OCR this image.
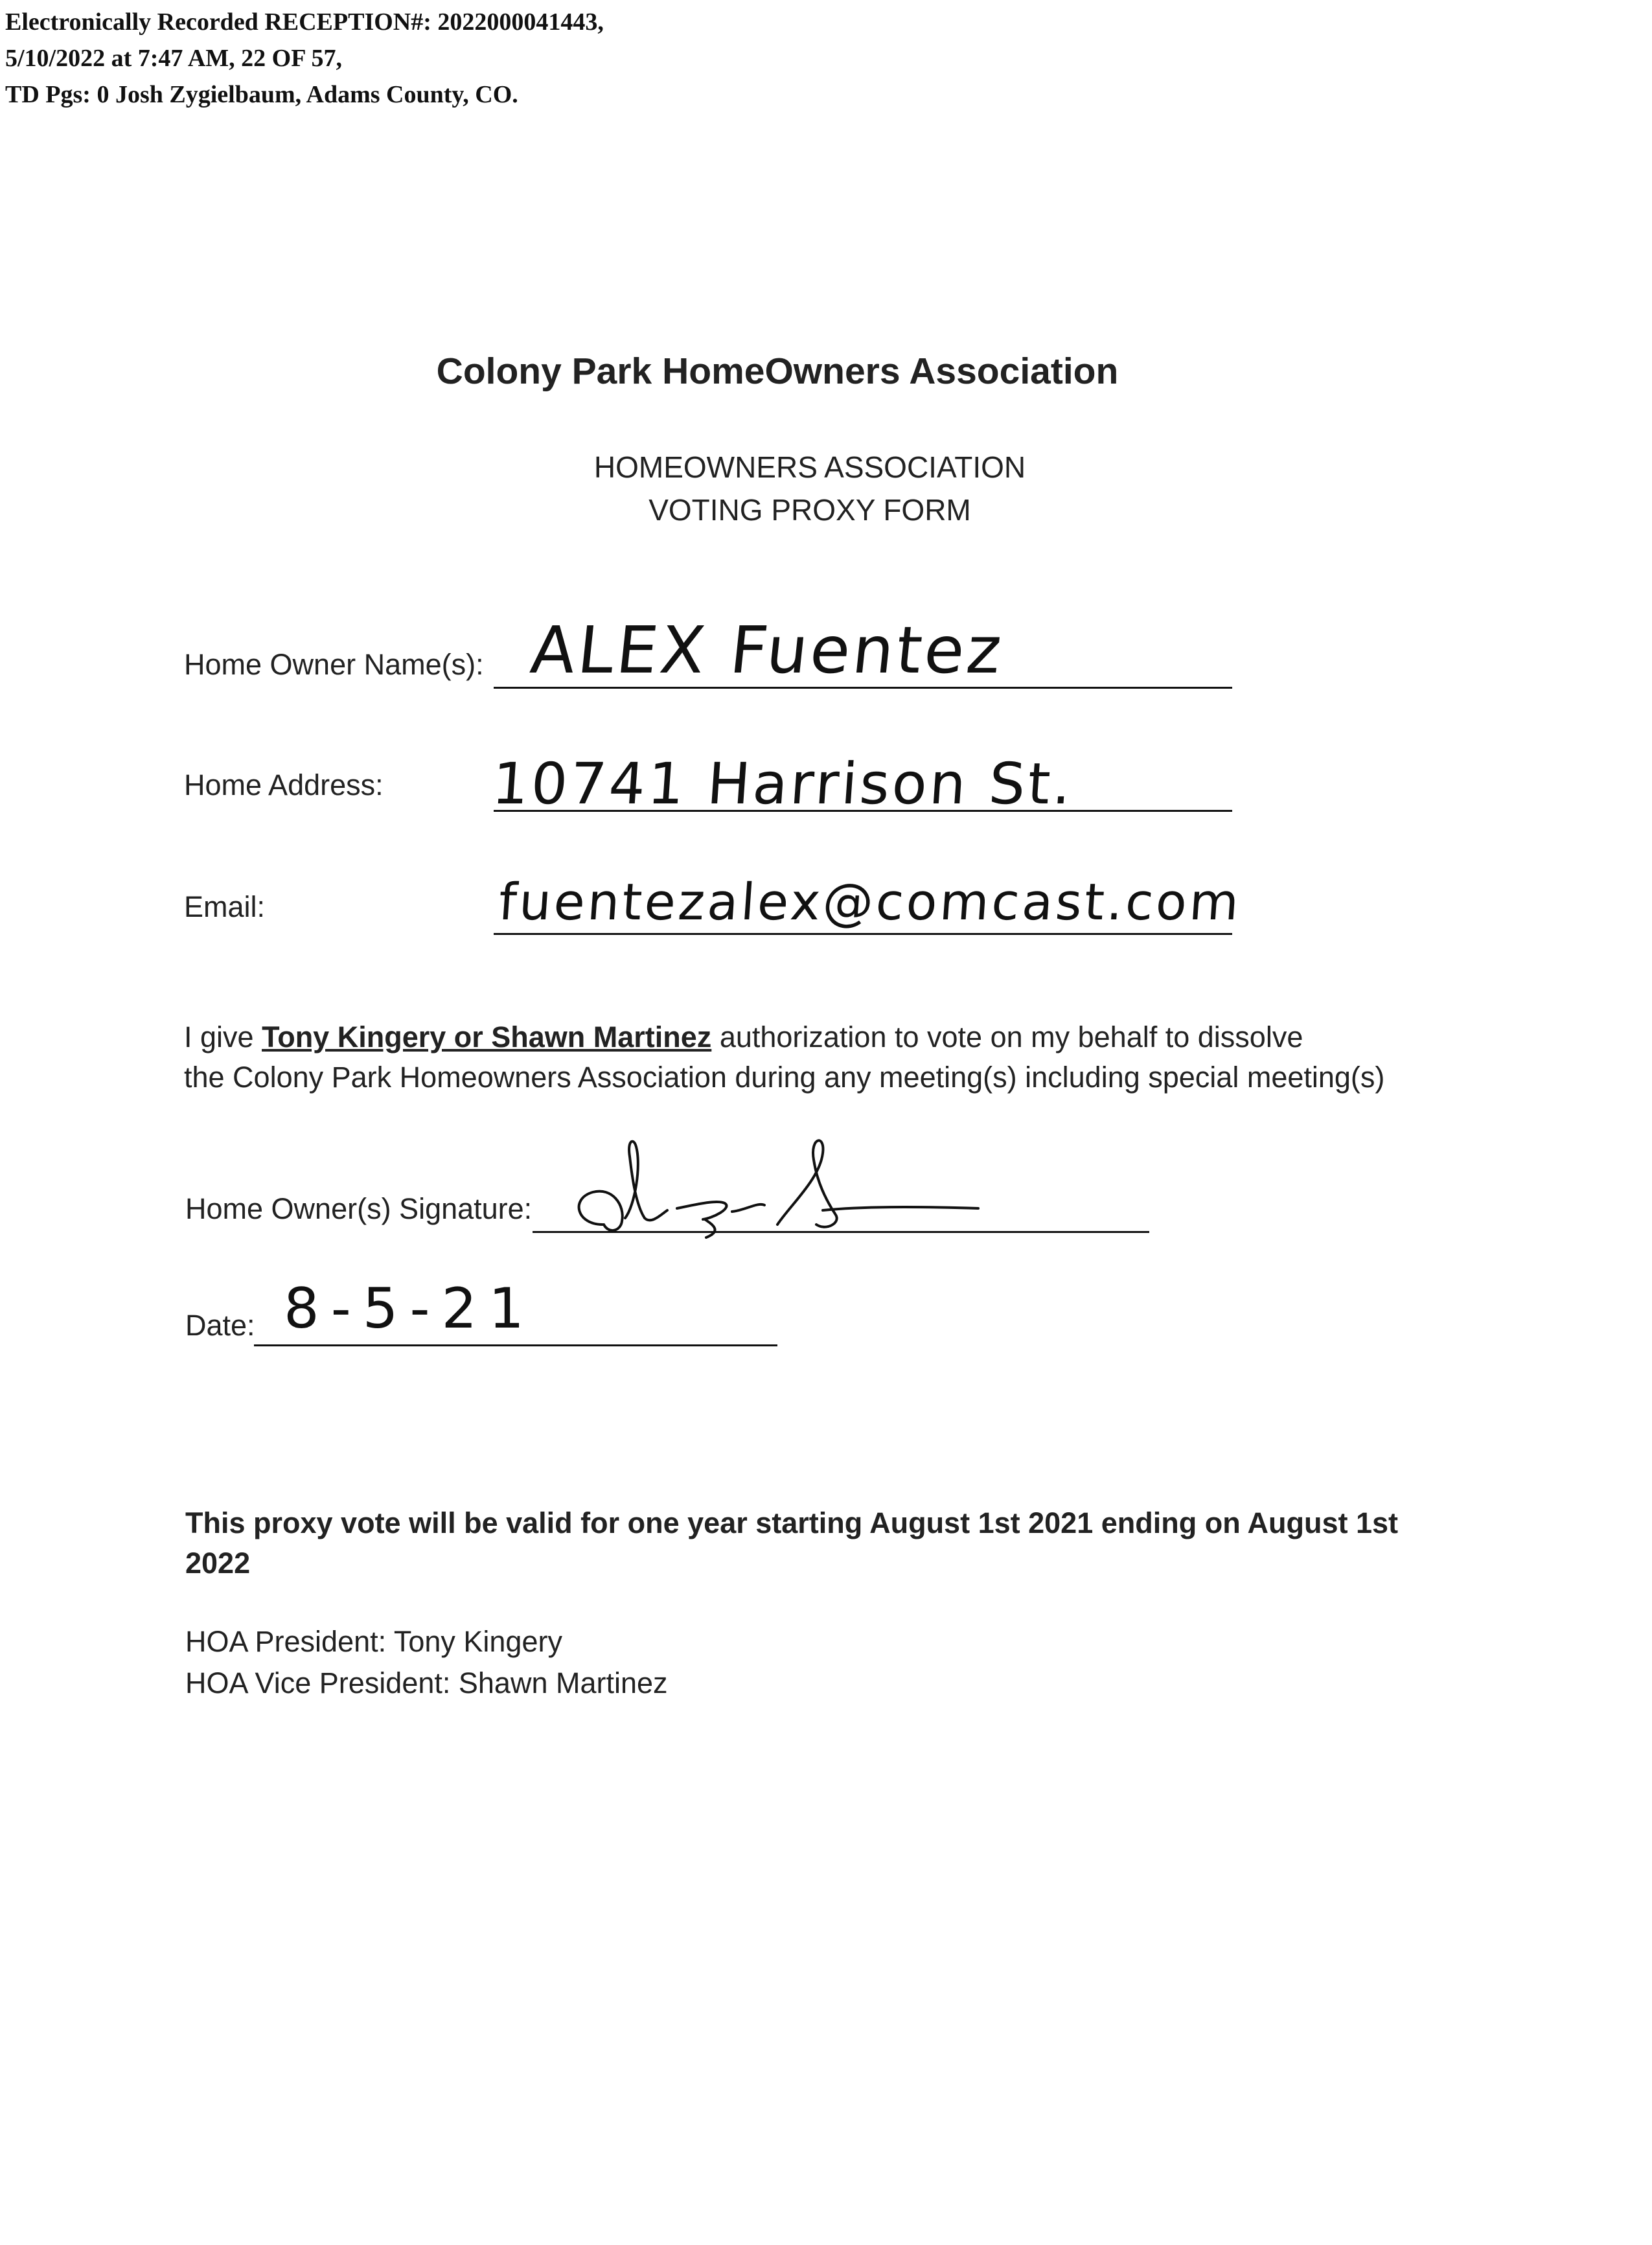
Electronically Recorded RECEPTION#: 2022000041443,
5/10/2022 at 7:47 AM, 22 OF 57,
TD Pgs: 0 Josh Zygielbaum, Adams County, CO.
Colony Park HomeOwners Association
HOMEOWNERS ASSOCIATION
VOTING PROXY FORM
Home Owner Name(s): ALEX Fuentez
Home Address: 10741 Harrison St.
Email:	fuentezalex@comcast.com
I give Tony Kingery or Shawn Martinez authorization to vote on my behalf to dissolve
the Colony Park Homeowners Association during any meeting(s) including special meeting(s)
Home Owner(s) Signature:
Date: 8-5-21
This proxy vote will be valid for one year starting August 1st 2021 ending on August 1st 2022
HOA President: Tony Kingery
HOA Vice President: Shawn Martinez
